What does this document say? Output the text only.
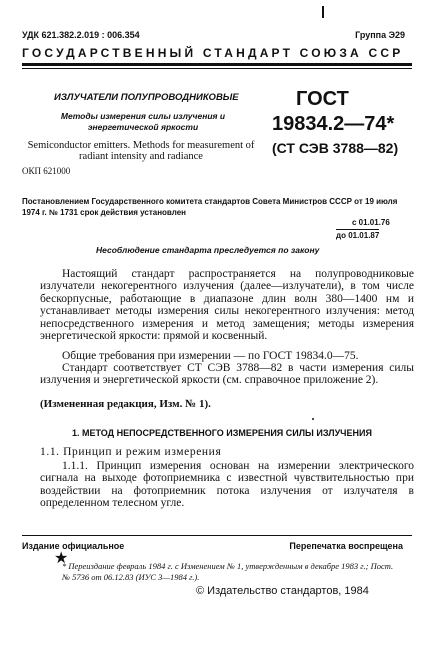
УДК 621.382.2.019 : 006.354	Группа Э29
ГОСУДАРСТВЕННЫЙ СТАНДАРТ СОЮЗА ССР
ИЗЛУЧАТЕЛИ ПОЛУПРОВОДНИКОВЫЕ
Методы измерения силы излучения и энергетической яркости
Semiconductor emitters. Methods for measurement of radiant intensity and radiance
ОКП 621000
ГОСТ
19834.2—74*
(СТ СЭВ 3788—82)
Постановлением Государственного комитета стандартов Совета Министров СССР от 19 июля 1974 г. № 1731 срок действия установлен
с 01.01.76
до 01.01.87
Несоблюдение стандарта преследуется по закону
Настоящий стандарт распространяется на полупроводниковые излучатели некогерентного излучения (далее—излучатели), в том числе бескорпусные, работающие в диапазоне длин волн 380—1400 нм и устанавливает методы измерения силы некогерентного излучения: метод непосредственного измерения и метод замещения; методы измерения энергетической яркости: прямой и косвенный.
Общие требования при измерении — по ГОСТ 19834.0—75.
Стандарт соответствует СТ СЭВ 3788—82 в части измерения силы излучения и энергетической яркости (см. справочное приложение 2).
(Измененная редакция, Изм. № 1).
1. МЕТОД НЕПОСРЕДСТВЕННОГО ИЗМЕРЕНИЯ СИЛЫ ИЗЛУЧЕНИЯ
1.1. Принцип и режим измерения
1.1.1. Принцип измерения основан на измерении электрического сигнала на выходе фотоприемника с известной чувствительностью при воздействии на фотоприемник потока излучения от излучателя в определенном телесном угле.
Издание официальное	Перепечатка воспрещена
★
* Переиздание февраль 1984 г. с Изменением № 1, утвержденным в декабре 1983 г.; Пост. № 5736 от 06.12.83 (ИУС 3—1984 г.).
© Издательство стандартов, 1984
